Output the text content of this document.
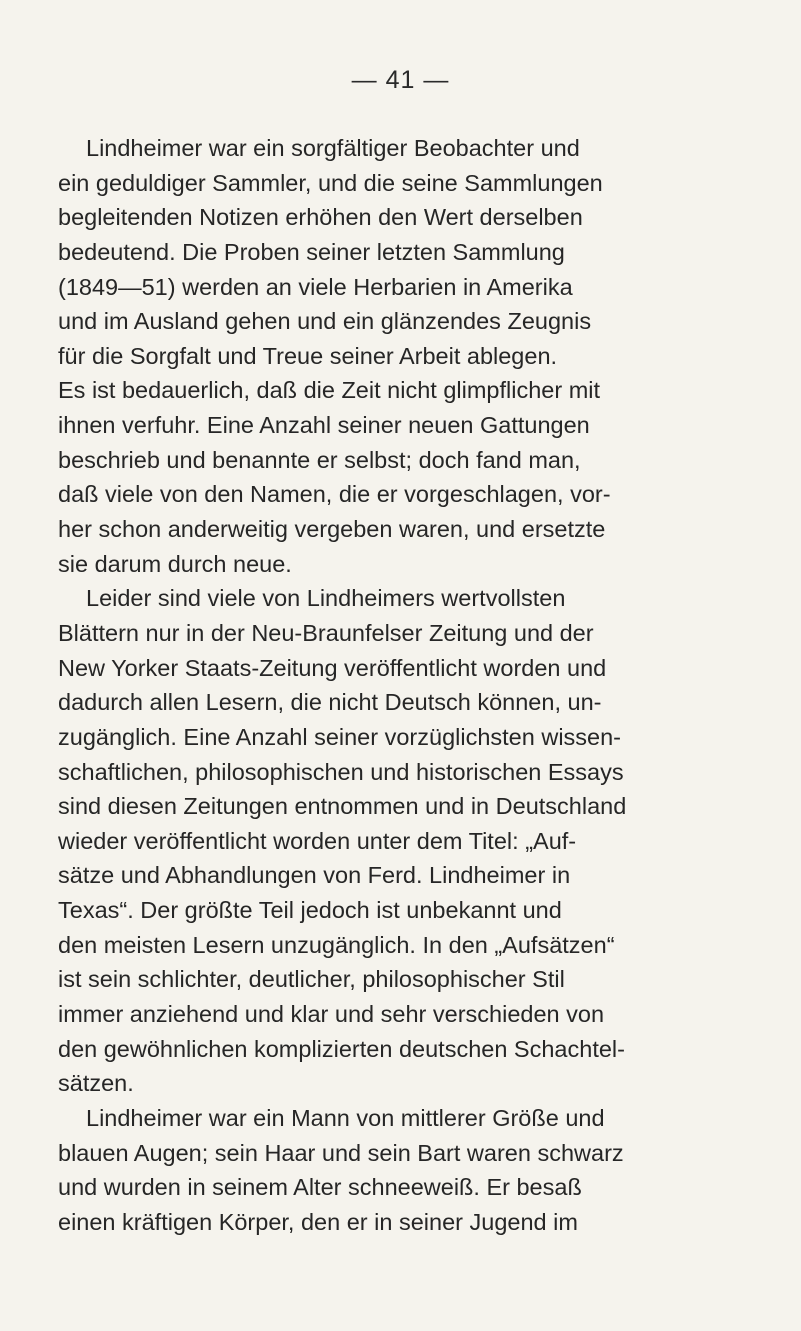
— 41 —
Lindheimer war ein sorgfältiger Beobachter und
ein geduldiger Sammler, und die seine Sammlungen
begleitenden Notizen erhöhen den Wert derselben
bedeutend. Die Proben seiner letzten Sammlung
(1849—51) werden an viele Herbarien in Amerika
und im Ausland gehen und ein glänzendes Zeugnis
für die Sorgfalt und Treue seiner Arbeit ablegen.
Es ist bedauerlich, daß die Zeit nicht glimpflicher mit
ihnen verfuhr. Eine Anzahl seiner neuen Gattungen
beschrieb und benannte er selbst; doch fand man,
daß viele von den Namen, die er vorgeschlagen, vor-
her schon anderweitig vergeben waren, und ersetzte
sie darum durch neue.
Leider sind viele von Lindheimers wertvollsten
Blättern nur in der Neu-Braunfelser Zeitung und der
New Yorker Staats-Zeitung veröffentlicht worden und
dadurch allen Lesern, die nicht Deutsch können, un-
zugänglich. Eine Anzahl seiner vorzüglichsten wissen-
schaftlichen, philosophischen und historischen Essays
sind diesen Zeitungen entnommen und in Deutschland
wieder veröffentlicht worden unter dem Titel: „Auf-
sätze und Abhandlungen von Ferd. Lindheimer in
Texas“. Der größte Teil jedoch ist unbekannt und
den meisten Lesern unzugänglich. In den „Aufsätzen“
ist sein schlichter, deutlicher, philosophischer Stil
immer anziehend und klar und sehr verschieden von
den gewöhnlichen komplizierten deutschen Schachtel-
sätzen.
Lindheimer war ein Mann von mittlerer Größe und
blauen Augen; sein Haar und sein Bart waren schwarz
und wurden in seinem Alter schneeweiß. Er besaß
einen kräftigen Körper, den er in seiner Jugend im
